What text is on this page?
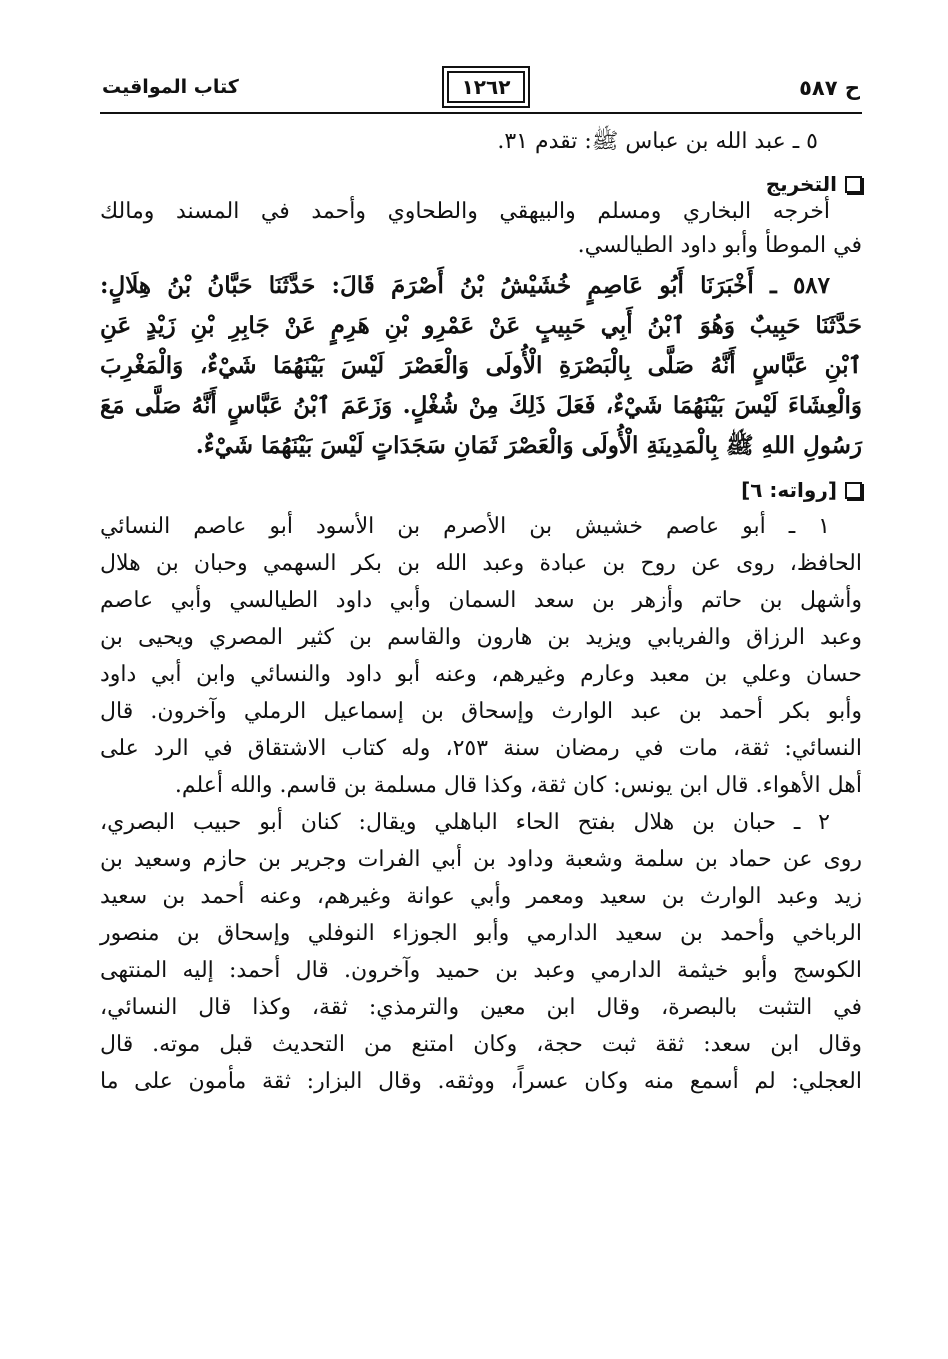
ح ٥٨٧
١٢٦٢
كتاب المواقيت
٥ ـ عبد الله بن عباس ﷺ: تقدم ٣١.
التخريج
أخرجه البخاري ومسلم والبيهقي والطحاوي وأحمد في المسند ومالك
في الموطأ وأبو داود الطيالسي.
٥٨٧ ـ أَخْبَرَنَا أَبُو عَاصِمٍ خُشَيْشُ بْنُ أَصْرَمَ قَالَ: حَدَّثَنَا حَبَّانُ بْنُ هِلَالٍ:
حَدَّثَنَا حَبِيبٌ وَهُوَ ٱبْنُ أَبِي حَبِيبٍ عَنْ عَمْرِو بْنِ هَرِمٍ عَنْ جَابِرِ بْنِ زَيْدٍ عَنِ
ٱبْنِ عَبَّاسٍ أَنَّهُ صَلَّى بِالْبَصْرَةِ الْأُولَى وَالْعَصْرَ لَيْسَ بَيْنَهُمَا شَيْءٌ، وَالْمَغْرِبَ
وَالْعِشَاءَ لَيْسَ بَيْنَهُمَا شَيْءٌ، فَعَلَ ذَلِكَ مِنْ شُغْلٍ. وَزَعَمَ ٱبْنُ عَبَّاسٍ أَنَّهُ صَلَّى مَعَ
رَسُولِ اللهِ ﷺ بِالْمَدِينَةِ الْأُولَى وَالْعَصْرَ ثَمَانِ سَجَدَاتٍ لَيْسَ بَيْنَهُمَا شَيْءٌ.
[رواته: ٦]
١ ـ أبو عاصم خشيش بن الأصرم بن الأسود أبو عاصم النسائي
الحافظ، روى عن روح بن عبادة وعبد الله بن بكر السهمي وحبان بن هلال
وأشهل بن حاتم وأزهر بن سعد السمان وأبي داود الطيالسي وأبي عاصم
وعبد الرزاق والفريابي ويزيد بن هارون والقاسم بن كثير المصري ويحيى بن
حسان وعلي بن معبد وعارم وغيرهم، وعنه أبو داود والنسائي وابن أبي داود
وأبو بكر أحمد بن عبد الوارث وإسحاق بن إسماعيل الرملي وآخرون. قال
النسائي: ثقة، مات في رمضان سنة ٢٥٣، وله كتاب الاشتقاق في الرد على
أهل الأهواء. قال ابن يونس: كان ثقة، وكذا قال مسلمة بن قاسم. والله أعلم.
٢ ـ حبان بن هلال بفتح الحاء الباهلي ويقال: كنان أبو حبيب البصري،
روى عن حماد بن سلمة وشعبة وداود بن أبي الفرات وجرير بن حازم وسعيد بن
زيد وعبد الوارث بن سعيد ومعمر وأبي عوانة وغيرهم، وعنه أحمد بن سعيد
الرباخي وأحمد بن سعيد الدارمي وأبو الجوزاء النوفلي وإسحاق بن منصور
الكوسج وأبو خيثمة الدارمي وعبد بن حميد وآخرون. قال أحمد: إليه المنتهى
في التثبت بالبصرة، وقال ابن معين والترمذي: ثقة، وكذا قال النسائي،
وقال ابن سعد: ثقة ثبت حجة، وكان امتنع من التحديث قبل موته. قال
العجلي: لم أسمع منه وكان عسراً، ووثقه. وقال البزار: ثقة مأمون على ما
